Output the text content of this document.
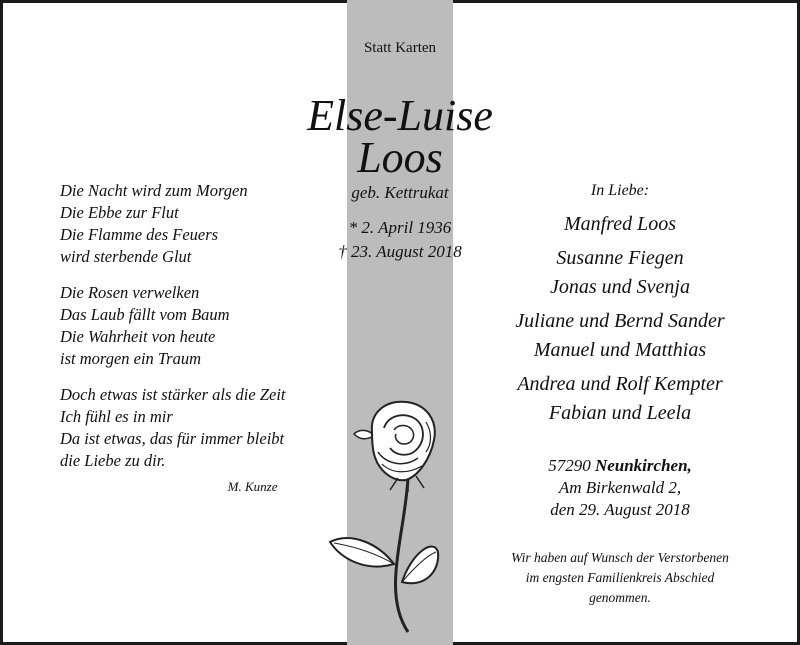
Statt Karten
Else-Luise
Loos
geb. Kettrukat
* 2. April 1936
† 23. August 2018
Die Nacht wird zum Morgen
Die Ebbe zur Flut
Die Flamme des Feuers
wird sterbende Glut
Die Rosen verwelken
Das Laub fällt vom Baum
Die Wahrheit von heute
ist morgen ein Traum
Doch etwas ist stärker als die Zeit
Ich fühl es in mir
Da ist etwas, das für immer bleibt
die Liebe zu dir.
M. Kunze
In Liebe:
Manfred Loos
Susanne Fiegen
Jonas und Svenja
Juliane und Bernd Sander
Manuel und Matthias
Andrea und Rolf Kempter
Fabian und Leela
57290 Neunkirchen,
Am Birkenwald 2,
den 29. August 2018
Wir haben auf Wunsch der Verstorbenen
im engsten Familienkreis Abschied
genommen.
